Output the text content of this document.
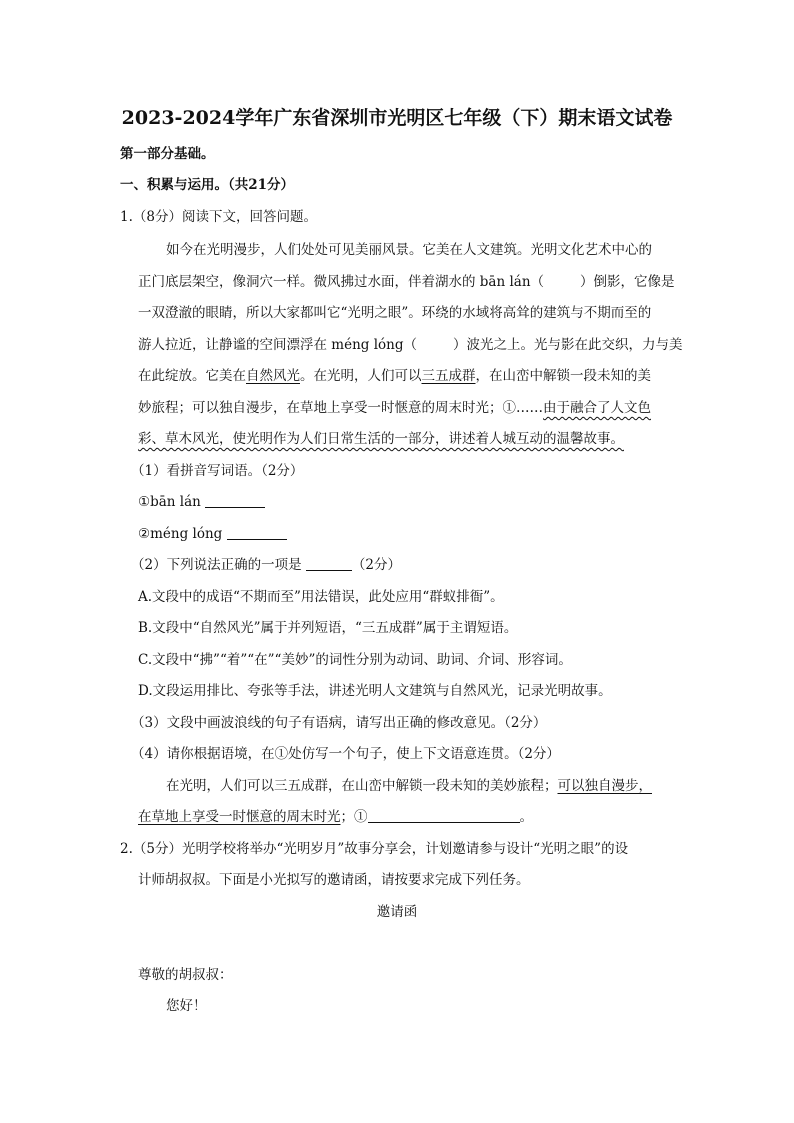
2023-2024学年广东省深圳市光明区七年级（下）期末语文试卷
第一部分基础。
一、积累与运用。（共21分）
1.（8分）阅读下文，回答问题。
如今在光明漫步，人们处处可见美丽风景。它美在人文建筑。光明文化艺术中心的
正门底层架空，像洞穴一样。微风拂过水面，伴着湖水的 bān lán（	）倒影，它像是
一双澄澈的眼睛，所以大家都叫它“光明之眼”。环绕的水域将高耸的建筑与不期而至的
游人拉近，让静谧的空间漂浮在 méng lóng（	）波光之上。光与影在此交织，力与美
在此绽放。它美在自然风光。在光明，人们可以三五成群，在山峦中解锁一段未知的美
妙旅程；可以独自漫步，在草地上享受一时惬意的周末时光；①……由于融合了人文色
彩、草木风光，使光明作为人们日常生活的一部分，讲述着人城互动的温馨故事。
（1）看拼音写词语。（2分）
①bān lán
②méng lóng
（2）下列说法正确的一项是	（2分）
A.文段中的成语“不期而至”用法错误，此处应用“群蚁排衙”。
B.文段中“自然风光”属于并列短语，“三五成群”属于主谓短语。
C.文段中“拂”“着”“在”“美妙”的词性分别为动词、助词、介词、形容词。
D.文段运用排比、夸张等手法，讲述光明人文建筑与自然风光，记录光明故事。
（3）文段中画波浪线的句子有语病，请写出正确的修改意见。（2分）
（4）请你根据语境，在①处仿写一个句子，使上下文语意连贯。（2分）
在光明，人们可以三五成群，在山峦中解锁一段未知的美妙旅程；可以独自漫步，
在草地上享受一时惬意的周末时光；①	。
2.（5分）光明学校将举办“光明岁月”故事分享会，计划邀请参与设计“光明之眼”的设
计师胡叔叔。下面是小光拟写的邀请函，请按要求完成下列任务。
邀请函
尊敬的胡叔叔：
您好！
